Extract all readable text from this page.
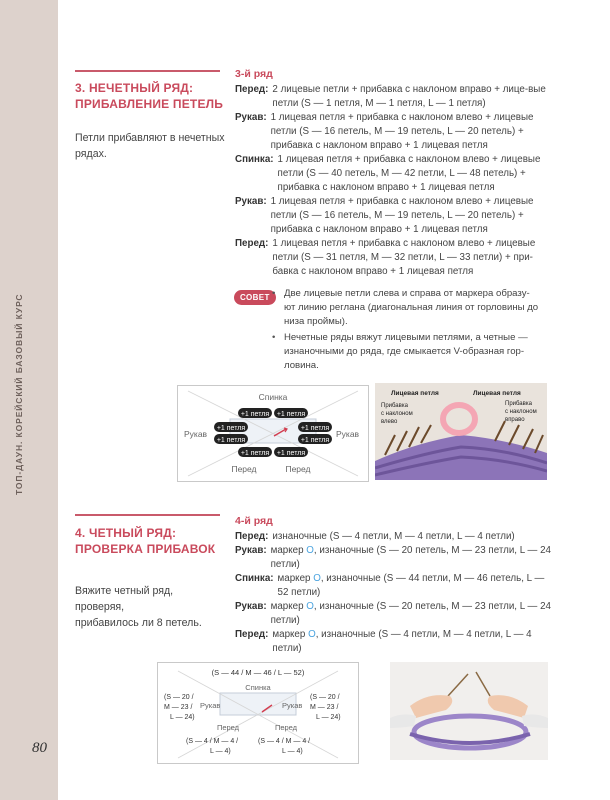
ТОП-ДАУН. КОРЕЙСКИЙ БАЗОВЫЙ КУРС
80
3. НЕЧЕТНЫЙ РЯД:
ПРИБАВЛЕНИЕ ПЕТЕЛЬ
Петли прибавляют в нечетных
рядах.
3-й ряд
Перед: 2 лицевые петли + прибавка с наклоном вправо + лице-вые петли (S — 1 петля, M — 1 петля, L — 1 петля)
Рукав: 1 лицевая петля + прибавка с наклоном влево + лицевые петли (S — 16 петель, M — 19 петель, L — 20 петель) + прибавка с наклоном вправо + 1 лицевая петля
Спинка: 1 лицевая петля + прибавка с наклоном влево + лицевые петли (S — 40 петель, M — 42 петли, L — 48 петель) + прибавка с наклоном вправо + 1 лицевая петля
Рукав: 1 лицевая петля + прибавка с наклоном влево + лицевые петли (S — 16 петель, M — 19 петель, L — 20 петель) + прибавка с наклоном вправо + 1 лицевая петля
Перед: 1 лицевая петля + прибавка с наклоном влево + лицевые петли (S — 31 петля, M — 32 петли, L — 33 петли) + при-бавка с наклоном вправо + 1 лицевая петля
СОВЕТ
•	Две лицевые петли слева и справа от маркера образу-ют линию реглана (диагональная линия от горловины до низа проймы).
• Нечетные ряды вяжут лицевыми петлями, а четные — изнаночными до ряда, где смыкается V-образная гор-ловина.
Спинка
Рукав	Рукав
Перед	Перед
+1 петля +1 петля
+1 петля	+1 петля
+1 петля	+1 петля
+1 петля +1 петля
Лицевая петля	Лицевая петля
Прибавка с наклоном влево
Прибавка с наклоном вправо
4. ЧЕТНЫЙ РЯД:
ПРОВЕРКА ПРИБАВОК
Вяжите четный ряд, проверяя,
прибавилось ли 8 петель.
4-й ряд
Перед: изнаночные (S — 4 петли, M — 4 петли, L — 4 петли)
Рукав: маркер O, изнаночные (S — 20 петель, M — 23 петли, L — 24 петли)
Спинка: маркер O, изнаночные (S — 44 петли, M — 46 петель, L — 52 петли)
Рукав: маркер O, изнаночные (S — 20 петель, M — 23 петли, L — 24 петли)
Перед: маркер O, изнаночные (S — 4 петли, M — 4 петли, L — 4 петли)
(S — 44 / M — 46 / L — 52)
Спинка
Рукав	Рукав
(S — 20 /
M — 23 /
L — 24)
(S — 20 /
M — 23 /
L — 24)
Перед	Перед
(S — 4 / M — 4 /
L — 4)
(S — 4 / M — 4 /
L — 4)
